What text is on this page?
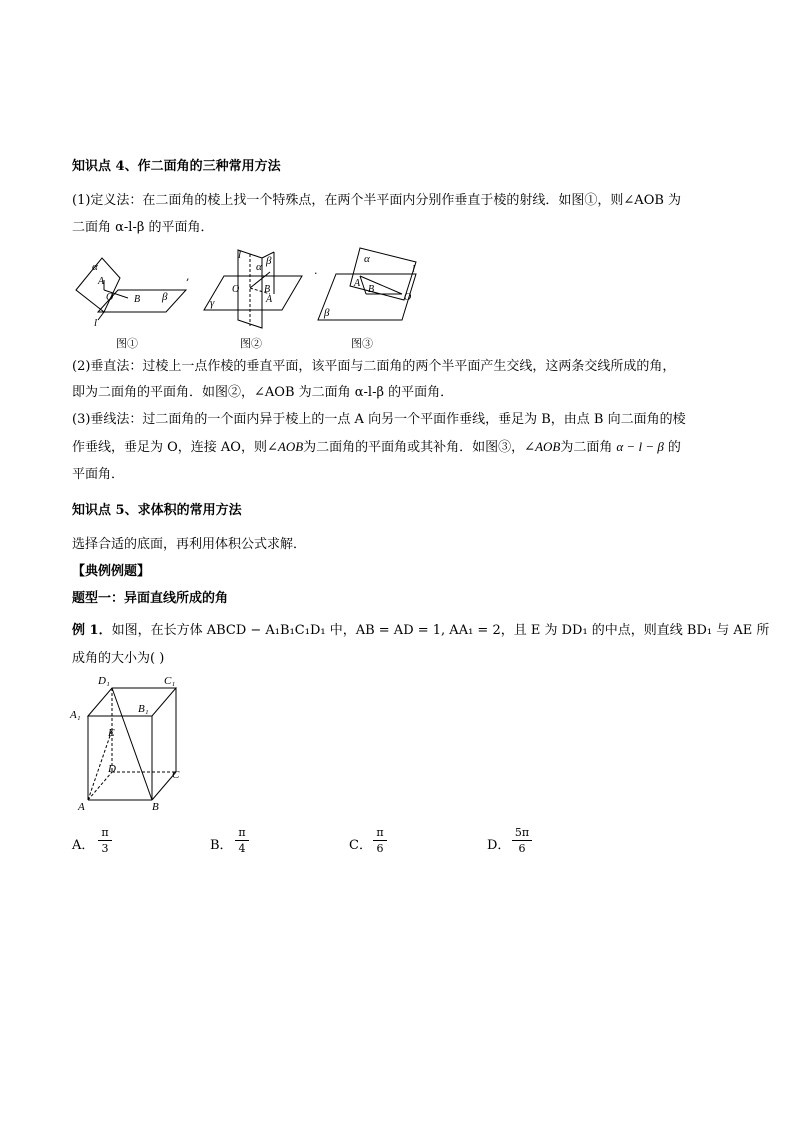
知识点 4、作二面角的三种常用方法
(1)定义法：在二面角的棱上找一个特殊点，在两个半平面内分别作垂直于棱的射线．如图①，则∠AOB 为
二面角 α-l-β 的平面角．
α
A
O B β
l
,
图①
l
α β
O B
A
γ
.
图②
α
l
A
B
O
β
图③
(2)垂直法：过棱上一点作棱的垂直平面，该平面与二面角的两个半平面产生交线，这两条交线所成的角，
即为二面角的平面角．如图②，∠AOB 为二面角 α-l-β 的平面角．
(3)垂线法：过二面角的一个面内异于棱上的一点 A 向另一个平面作垂线，垂足为 B，由点 B 向二面角的棱
作垂线，垂足为 O，连接 AO，则∠AOB为二面角的平面角或其补角．如图③，∠AOB为二面角 α − l − β 的
平面角．
知识点 5、求体积的常用方法
选择合适的底面，再利用体积公式求解．
【典例例题】
题型一：异面直线所成的角
例 1．如图，在长方体 ABCD − A₁B₁C₁D₁ 中，AB = AD = 1, AA₁ = 2，且 E 为 DD₁ 的中点，则直线 BD₁ 与 AE 所
成角的大小为( )
D₁	C₁
A₁	B₁
E
D	C
A	B
A．
π
3	B．
π
4	C．
π
6	D．
5π
6
